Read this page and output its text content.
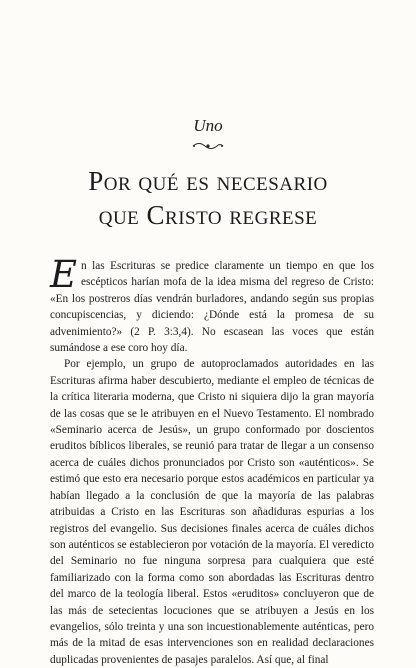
Uno
Por qué es necesario
que Cristo regrese

En las Escrituras se predice claramente un tiempo en que los escépticos harían mofa de la idea misma del regreso de Cristo: «En los postreros días vendrán burladores, andando según sus propias concupiscencias, y diciendo: ¿Dónde está la promesa de su advenimiento?» (2 P. 3:3,4). No escasean las voces que están sumándose a ese coro hoy día.

Por ejemplo, un grupo de autoproclamados autoridades en las Escrituras afirma haber descubierto, mediante el empleo de técnicas de la crítica literaria moderna, que Cristo ni siquiera dijo la gran mayoría de las cosas que se le atribuyen en el Nuevo Testamento. El nombrado «Seminario acerca de Jesús», un grupo conformado por doscientos eruditos bíblicos liberales, se reunió para tratar de llegar a un consenso acerca de cuáles dichos pronunciados por Cristo son «auténticos». Se estimó que esto era necesario porque estos académicos en particular ya habían llegado a la conclusión de que la mayoría de las palabras atribuidas a Cristo en las Escrituras son añadiduras espurias a los registros del evangelio. Sus decisiones finales acerca de cuáles dichos son auténticos se establecieron por votación de la mayoría. El veredicto del Seminario no fue ninguna sorpresa para cualquiera que esté familiarizado con la forma como son abordadas las Escrituras dentro del marco de la teología liberal. Estos «eruditos» concluyeron que de las más de setecientas locuciones que se atribuyen a Jesús en los evangelios, sólo treinta y una son incuestionablemente auténticas, pero más de la mitad de esas intervenciones son en realidad declaraciones duplicadas provenientes de pasajes paralelos. Así que, al final
